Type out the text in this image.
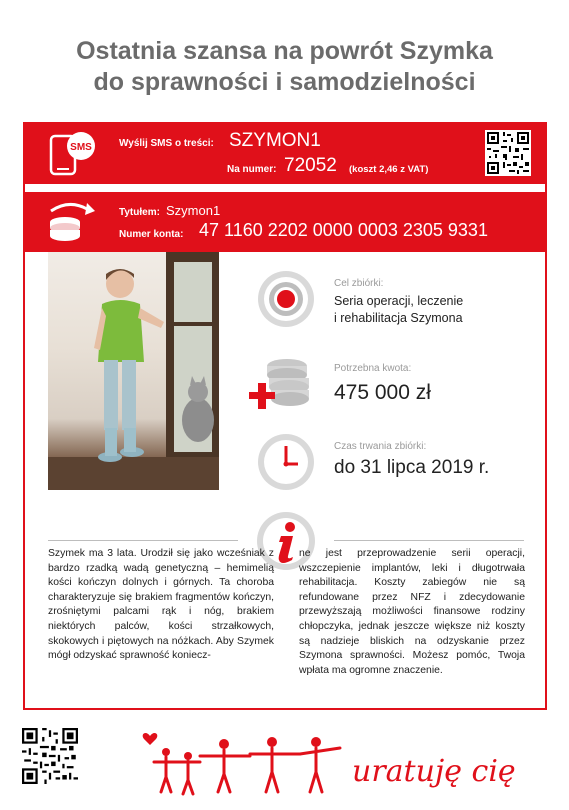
Ostatnia szansa na powrót Szymka
do sprawności i samodzielności
SMS	Wyślij SMS o treści: SZYMON1
Na numer: 72052 (koszt 2,46 z VAT)
Tytułem: Szymon1
Numer konta: 47 1160 2202 0000 0003 2305 9331
Cel zbiórki:
Seria operacji, leczenie
i rehabilitacja Szymona
Potrzebna kwota:
475 000 zł
Czas trwania zbiórki:
do 31 lipca 2019 r.
Szymek ma 3 lata. Urodził się jako wcześniak z bardzo rzadką wadą genetyczną – hemimelią kości kończyn dolnych i górnych. Ta choroba charakteryzuje się brakiem fragmentów kończyn, zrośniętymi palcami rąk i nóg, brakiem niektórych palców, kości strzałkowych, skokowych i piętowych na nóżkach. Aby Szymek mógł odzyskać sprawność koniecz-
ne jest przeprowadzenie serii operacji, wszczepienie implantów, leki i długotrwała rehabilitacja. Koszty zabiegów nie są refundowane przez NFZ i zdecydowanie przewyższają możliwości finansowe rodziny chłopczyka, jednak jeszcze większe niż koszty są nadzieje bliskich na odzyskanie przez Szymona sprawności. Możesz pomóc, Twoja wpłata ma ogromne znaczenie.
uratuję cię
